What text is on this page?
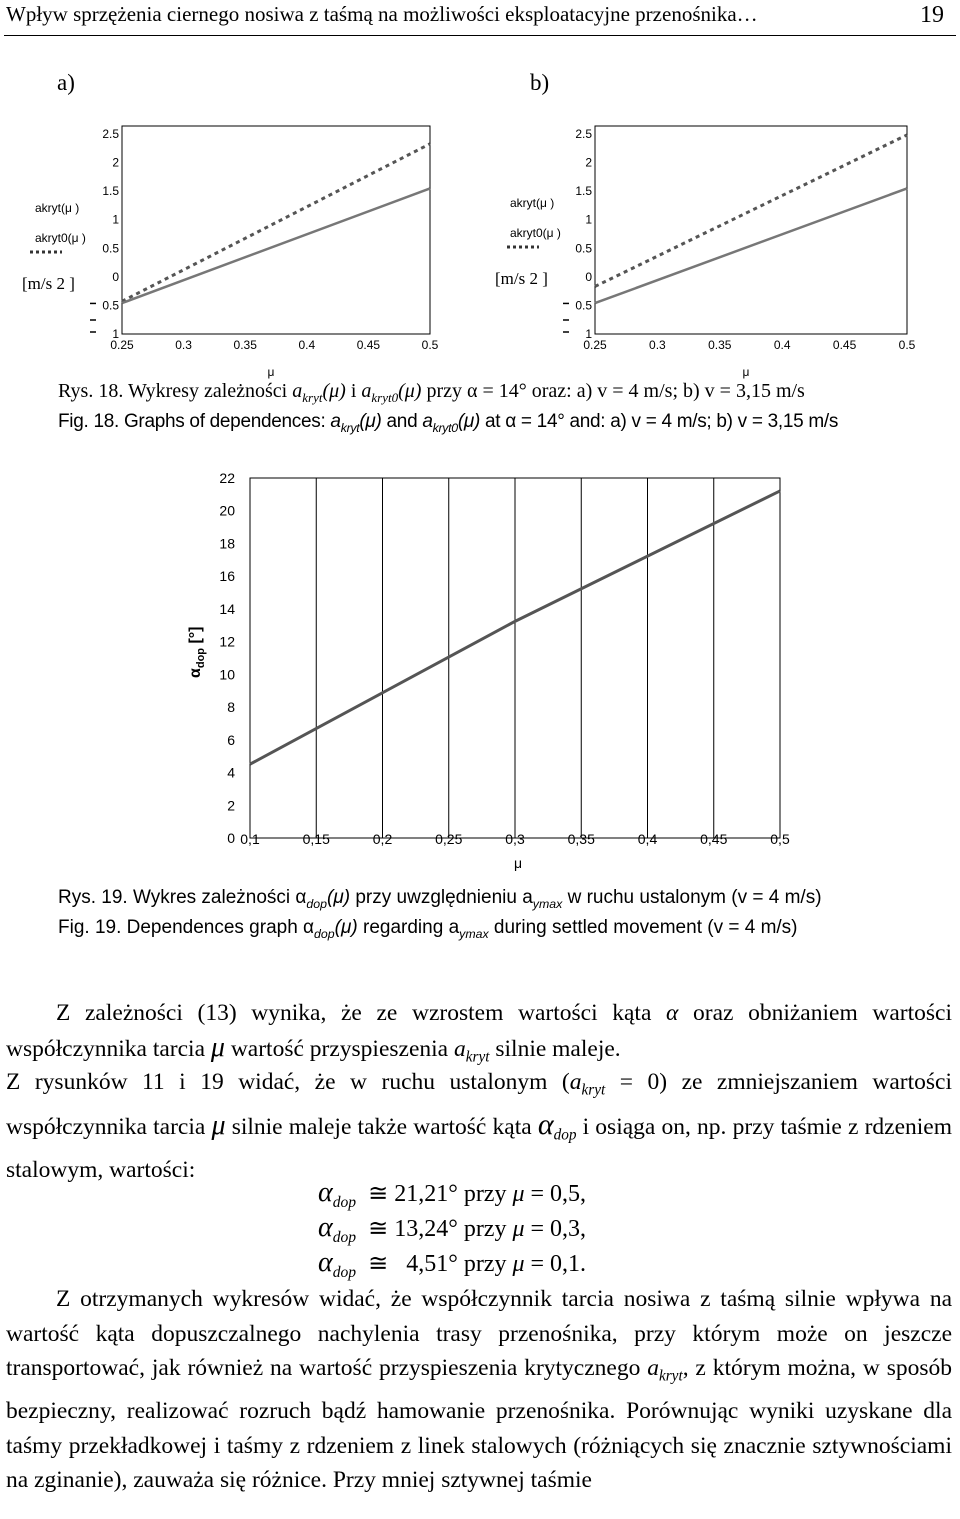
Wpływ sprzężenia ciernego nosiwa z taśmą na możliwości eksploatacyjne przenośnika…	19
a)	b)
2.5
2
1.5
1
0.5
0
0.5
1
0.25	0.3	0.35	0.4	0.45	0.5
μ
akryt(μ )
akryt0(μ )
[m/s 2 ]
2.5
2
1.5
1
0.5
0
0.5
1
0.25	0.3	0.35	0.4	0.45	0.5
μ
akryt(μ )
akryt0(μ )
[m/s 2 ]
Rys. 18. Wykresy zależności $a_{kryt}(\mu)$ i $a_{kryt0}(\mu)$ przy α = 14° oraz: a) v = 4 m/s; b) v = 3,15 m/s
Fig. 18. Graphs of dependences: $a_{kryt}(\mu)$ and $a_{kryt0}(\mu)$ at α = 14° and: a) v = 4 m/s; b) v = 3,15 m/s
22
20
18
16
14
12
10
8
6
4
2
0 0,1	0,15	0,2	0,25	0,3	0,35	0,4	0,45	0,5
μ
$\alpha_{dop}$ [°]
Rys. 19. Wykres zależności $\alpha_{dop}(\mu)$ przy uwzględnieniu $a_{ymax}$ w ruchu ustalonym (v = 4 m/s)
Fig. 19. Dependences graph $\alpha_{dop}(\mu)$ regarding $a_{ymax}$ during settled movement (v = 4 m/s)

Z zależności (13) wynika, że ze wzrostem wartości kąta α oraz obniżaniem wartości współczynnika tarcia μ wartość przyspieszenia $a_{kryt}$ silnie maleje.

Z rysunków 11 i 19 widać, że w ruchu ustalonym $(a_{kryt} = 0)$ ze zmniejszaniem wartości współczynnika tarcia μ silnie maleje także wartość kąta $\alpha_{dop}$ i osiąga on, np. przy taśmie z rdzeniem stalowym, wartości:

$\alpha_{dop}$ ≅ 21,21° przy μ = 0,5,
$\alpha_{dop}$ ≅ 13,24° przy μ = 0,3,
$\alpha_{dop}$ ≅ 4,51° przy μ = 0,1.

Z otrzymanych wykresów widać, że współczynnik tarcia nosiwa z taśmą silnie wpływa na wartość kąta dopuszczalnego nachylenia trasy przenośnika, przy którym może on jeszcze transportować, jak również na wartość przyspieszenia krytycznego $a_{kryt}$, z którym można, w sposób bezpieczny, realizować rozruch bądź hamowanie przenośnika. Porównując wyniki uzyskane dla taśmy przekładkowej i taśmy z rdzeniem z linek stalowych (różniących się znacznie sztywnościami na zginanie), zauważa się różnice. Przy mniej sztywnej taśmie
